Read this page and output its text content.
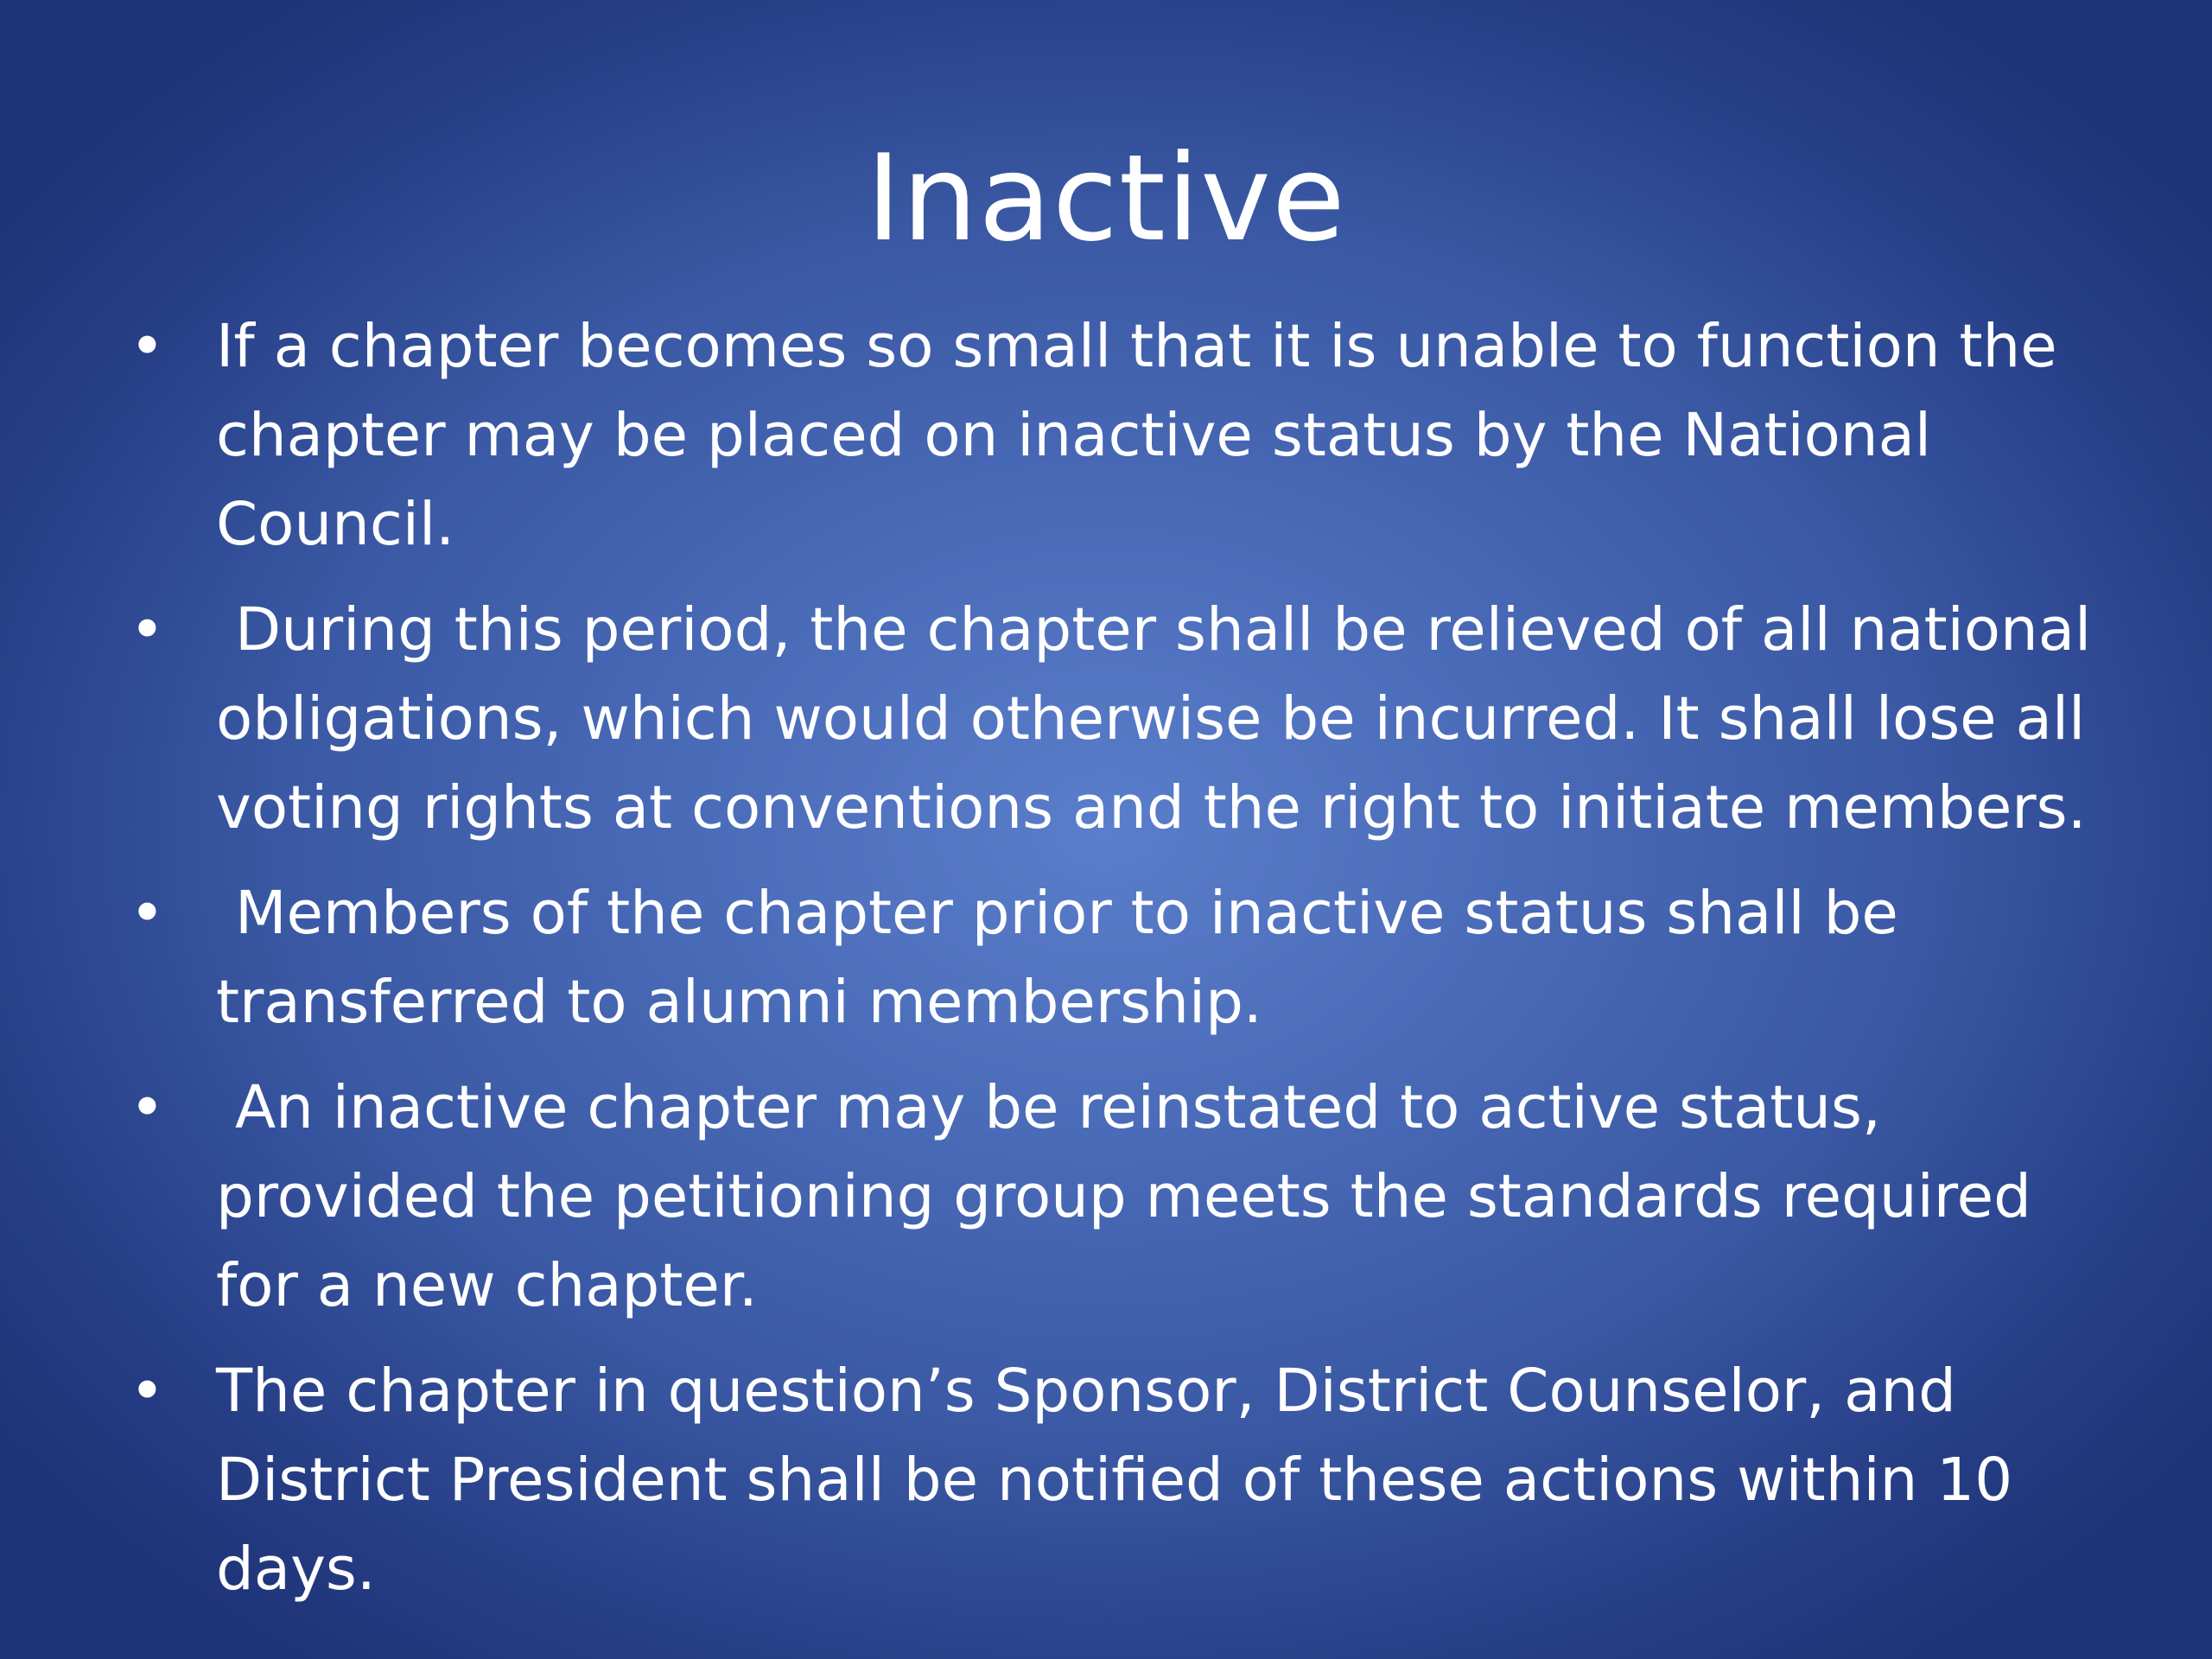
Inactive
• If a chapter becomes so small that it is unable to function the chapter may be placed on inactive status by the National Council.
• During this period, the chapter shall be relieved of all national obligations, which would otherwise be incurred. It shall lose all voting rights at conventions and the right to initiate members.
• Members of the chapter prior to inactive status shall be transferred to alumni membership.
• An inactive chapter may be reinstated to active status, provided the petitioning group meets the standards required for a new chapter.
• The chapter in question’s Sponsor, District Counselor, and District President shall be notified of these actions within 10 days.
